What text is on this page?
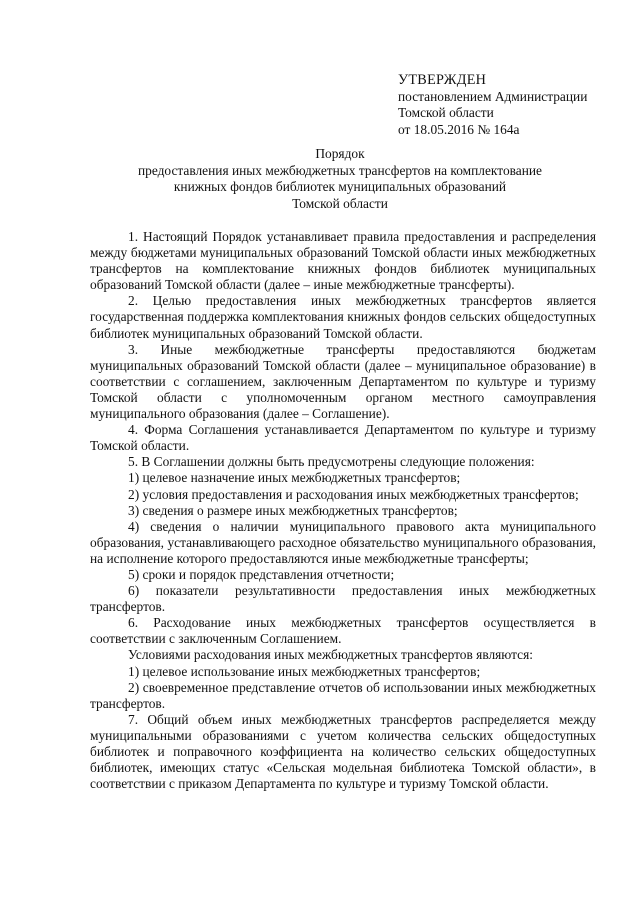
УТВЕРЖДЕН
постановлением Администрации
Томской области
от 18.05.2016 № 164а
Порядок
предоставления иных межбюджетных трансфертов на комплектование
книжных фондов библиотек муниципальных образований
Томской области

1. Настоящий Порядок устанавливает правила предоставления и распределения между бюджетами муниципальных образований Томской области иных межбюджетных трансфертов на комплектование книжных фондов библиотек муниципальных образований Томской области (далее – иные межбюджетные трансферты).

2. Целью предоставления иных межбюджетных трансфертов является государственная поддержка комплектования книжных фондов сельских общедоступных библиотек муниципальных образований Томской области.

3. Иные межбюджетные трансферты предоставляются бюджетам муниципальных образований Томской области (далее – муниципальное образование) в соответствии с соглашением, заключенным Департаментом по культуре и туризму Томской области с уполномоченным органом местного самоуправления муниципального образования (далее – Соглашение).

4. Форма Соглашения устанавливается Департаментом по культуре и туризму Томской области.

5. В Соглашении должны быть предусмотрены следующие положения:

1) целевое назначение иных межбюджетных трансфертов;

2) условия предоставления и расходования иных межбюджетных трансфертов;

3) сведения о размере иных межбюджетных трансфертов;

4) сведения о наличии муниципального правового акта муниципального образования, устанавливающего расходное обязательство муниципального образования, на исполнение которого предоставляются иные межбюджетные трансферты;

5) сроки и порядок представления отчетности;

6) показатели результативности предоставления иных межбюджетных трансфертов.

6. Расходование иных межбюджетных трансфертов осуществляется в соответствии с заключенным Соглашением.

Условиями расходования иных межбюджетных трансфертов являются:

1) целевое использование иных межбюджетных трансфертов;

2) своевременное представление отчетов об использовании иных межбюджетных трансфертов.

7. Общий объем иных межбюджетных трансфертов распределяется между муниципальными образованиями с учетом количества сельских общедоступных библиотек и поправочного коэффициента на количество сельских общедоступных библиотек, имеющих статус «Сельская модельная библиотека Томской области», в соответствии с приказом Департамента по культуре и туризму Томской области.
